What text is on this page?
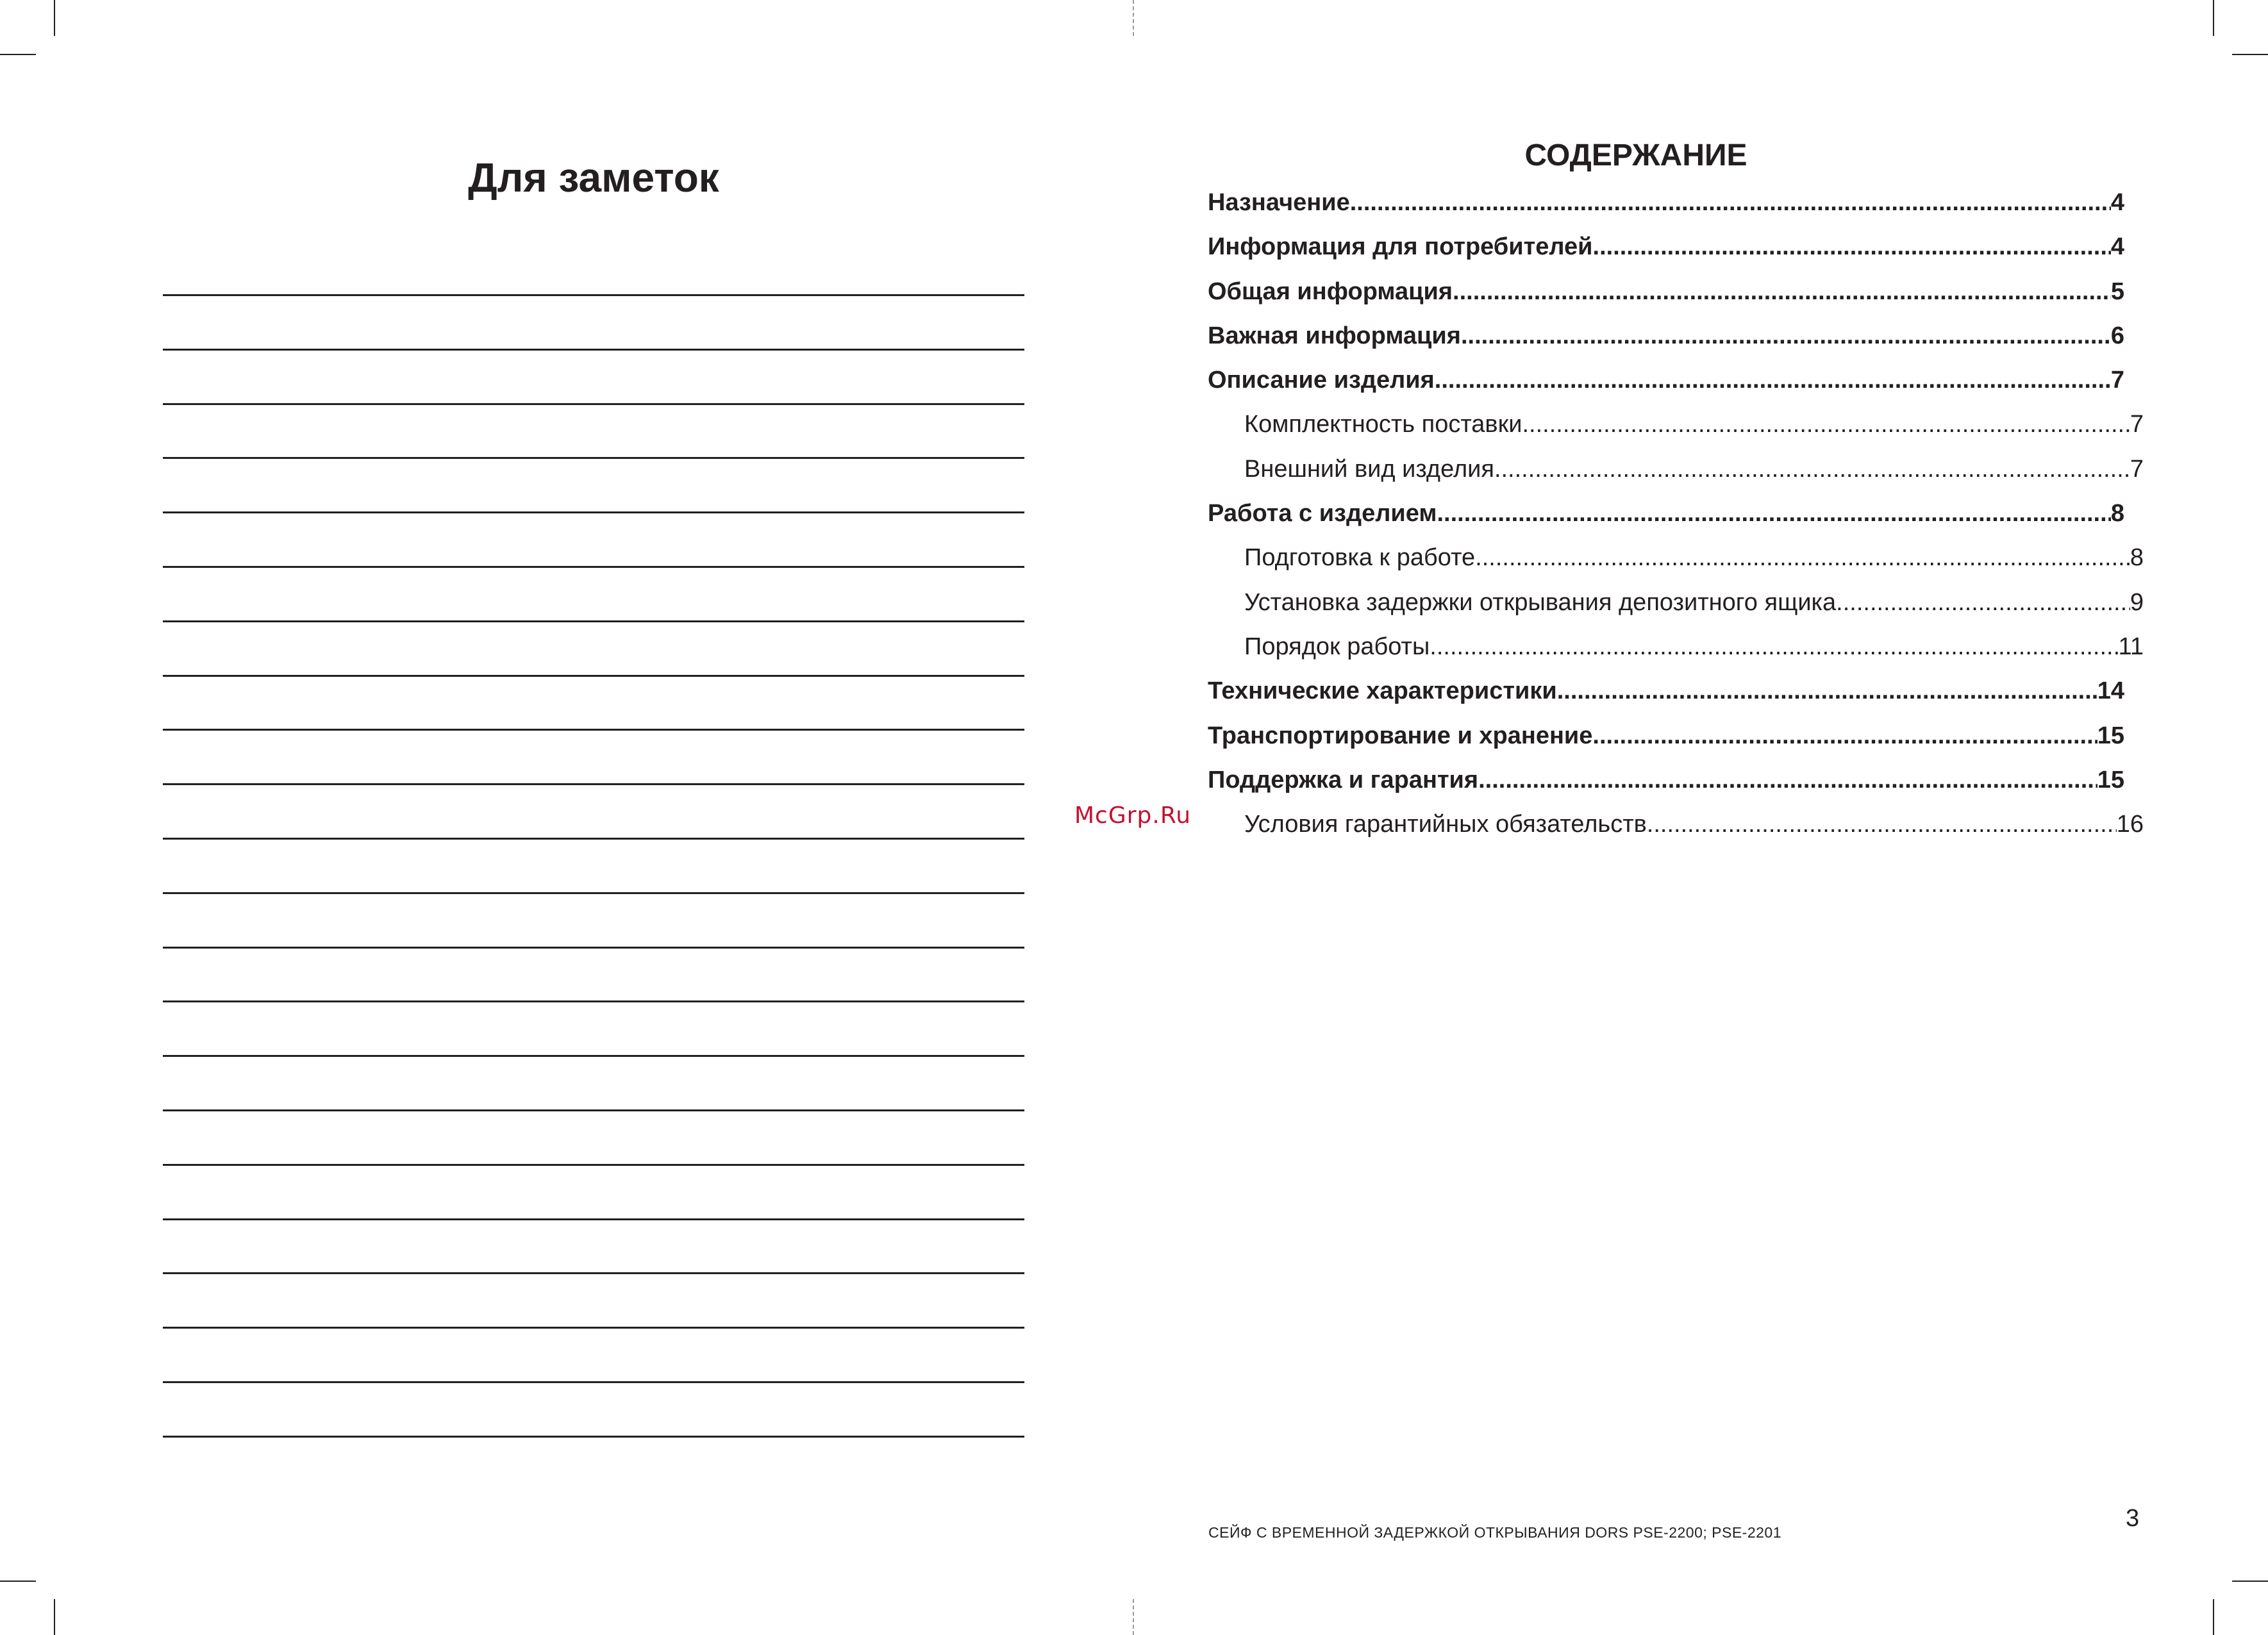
Для заметок	СОДЕРЖАНИЕ
Назначение .....	4
Информация для потребителей .....	4
Общая информация .....	5
Важная информация .....	6
Описание изделия .....	7
Комплектность поставки .....	7
Внешний вид изделия .....	7
Работа с изделием .....	8
Подготовка к работе .....	8
Установка задержки открывания депозитного ящика .....	9
Порядок работы .....	11
Технические характеристики .....	14
Транспортирование и хранение .....	15
Поддержка и гарантия .....	15
Условия гарантийных обязательств .....	16

СЕЙФ С ВРЕМЕННОЙ ЗАДЕРЖКОЙ ОТКРЫВАНИЯ DORS PSE-2200; PSE-2201

3

McGrp.Ru
